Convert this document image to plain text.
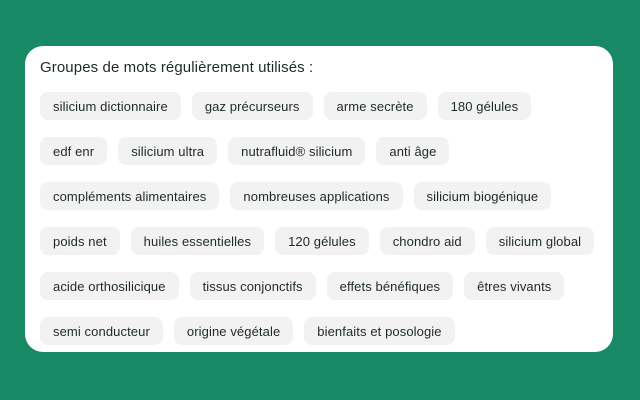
Groupes de mots régulièrement utilisés :
silicium dictionnaire	gaz précurseurs	arme secrète	180 gélules
edf enr	silicium ultra	nutrafluid® silicium	anti âge
compléments alimentaires	nombreuses applications	silicium biogénique
poids net	huiles essentielles	120 gélules	chondro aid	silicium global
acide orthosilicique	tissus conjonctifs	effets bénéfiques	êtres vivants
semi conducteur	origine végétale	bienfaits et posologie
